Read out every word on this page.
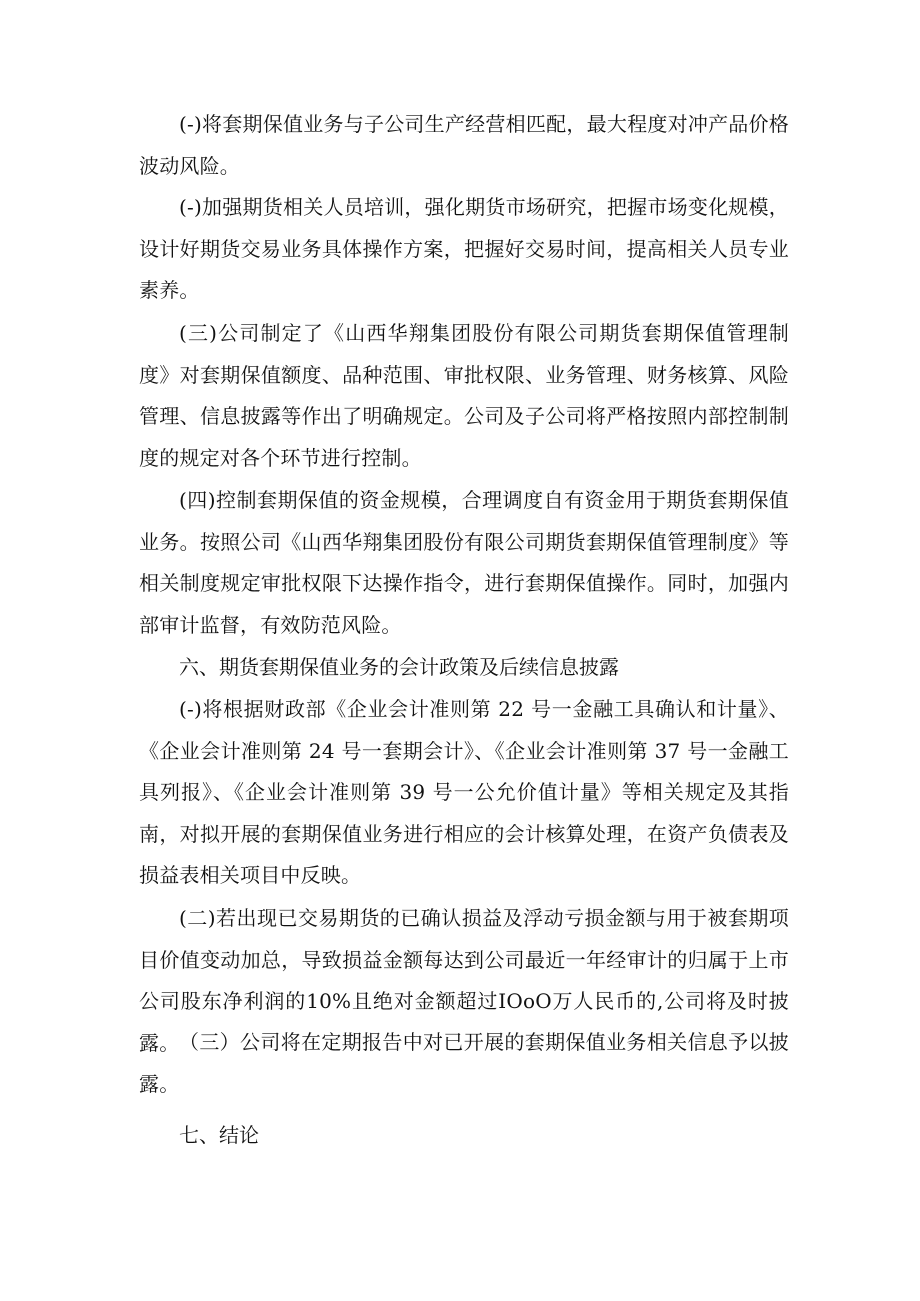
(-)将套期保值业务与子公司生产经营相匹配，最大程度对冲产品价格波动风险。

(-)加强期货相关人员培训，强化期货市场研究，把握市场变化规模，设计好期货交易业务具体操作方案，把握好交易时间，提高相关人员专业素养。

(三)公司制定了《山西华翔集团股份有限公司期货套期保值管理制度》对套期保值额度、品种范围、审批权限、业务管理、财务核算、风险管理、信息披露等作出了明确规定。公司及子公司将严格按照内部控制制度的规定对各个环节进行控制。

(四)控制套期保值的资金规模，合理调度自有资金用于期货套期保值业务。按照公司《山西华翔集团股份有限公司期货套期保值管理制度》等相关制度规定审批权限下达操作指令，进行套期保值操作。同时，加强内部审计监督，有效防范风险。

六、期货套期保值业务的会计政策及后续信息披露

(-)将根据财政部《企业会计准则第 22 号一金融工具确认和计量》、《企业会计准则第 24 号一套期会计》、《企业会计准则第 37 号一金融工具列报》、《企业会计准则第 39 号一公允价值计量》等相关规定及其指南，对拟开展的套期保值业务进行相应的会计核算处理，在资产负债表及损益表相关项目中反映。

(二)若出现已交易期货的已确认损益及浮动亏损金额与用于被套期项目价值变动加总，导致损益金额每达到公司最近一年经审计的归属于上市公司股东净利润的10%且绝对金额超过IOoO万人民币的,公司将及时披露。 （三）公司将在定期报告中对已开展的套期保值业务相关信息予以披露。

七、结论
